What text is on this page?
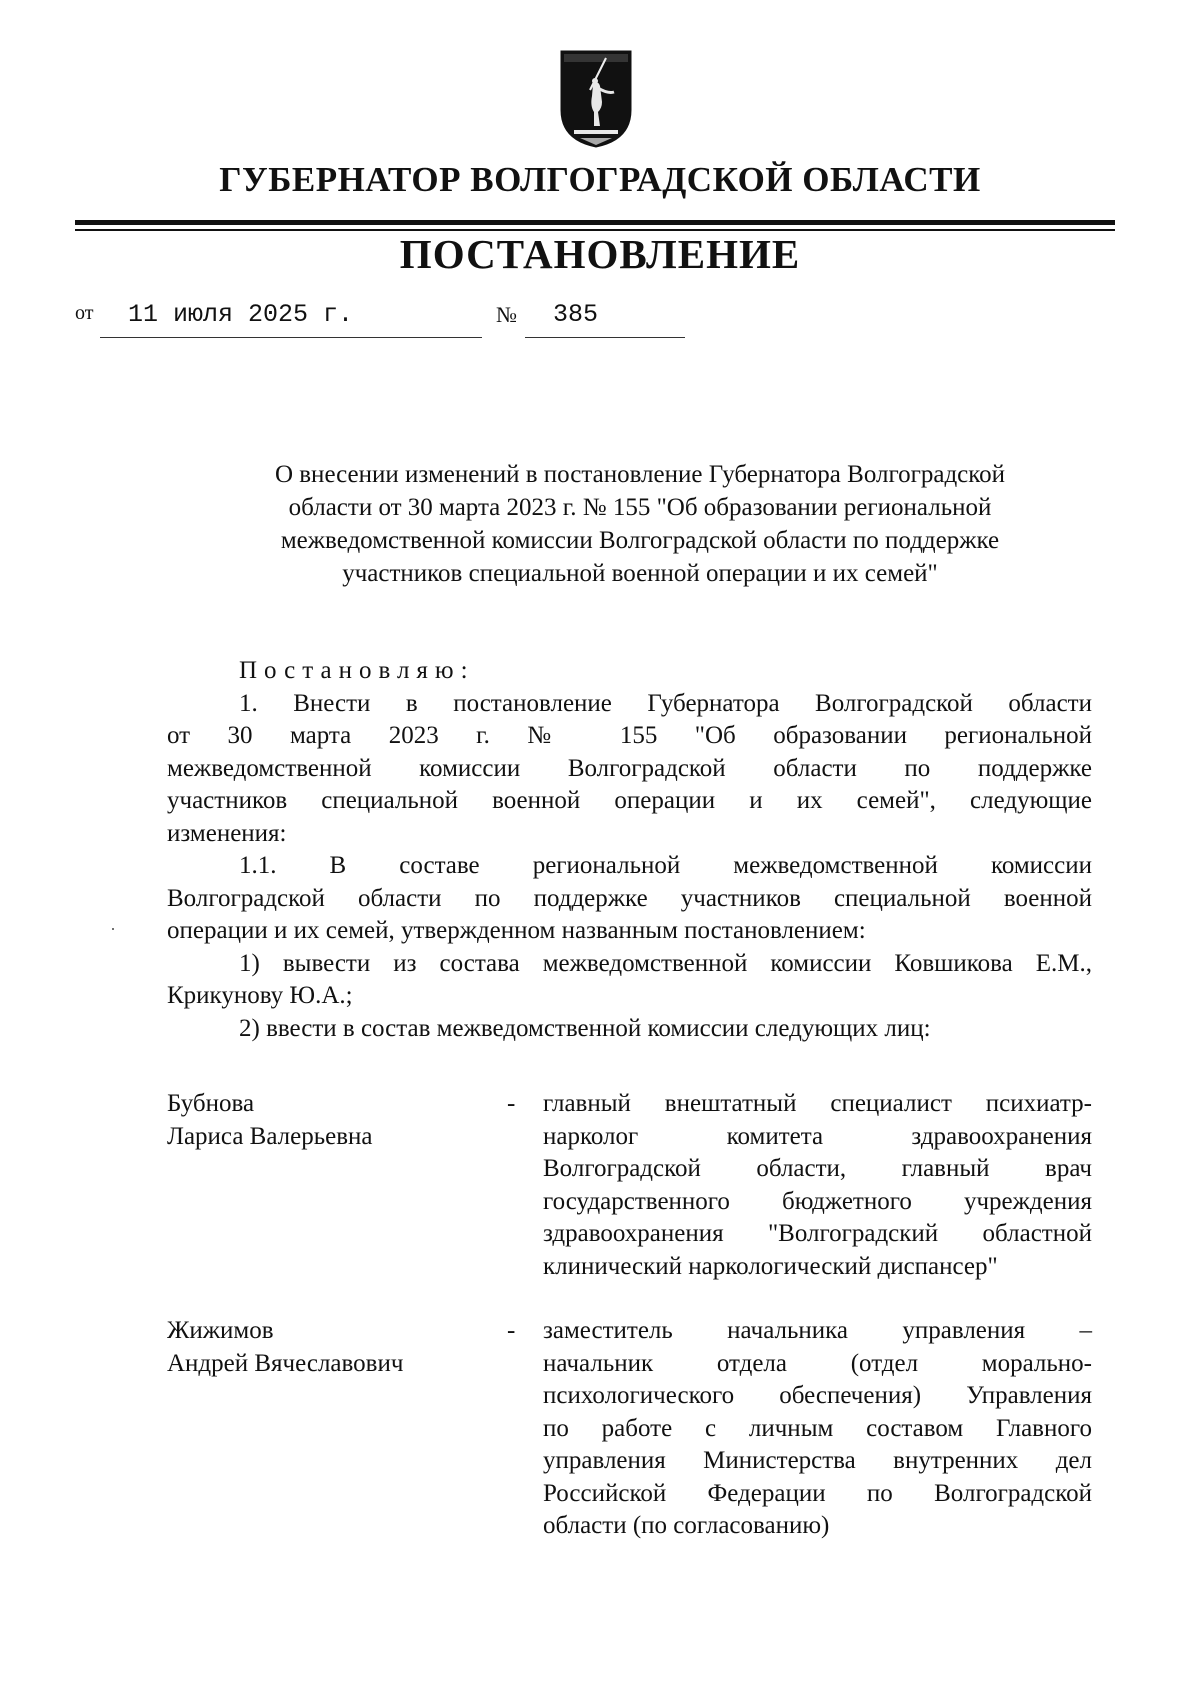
ГУБЕРНАТОР ВОЛГОГРАДСКОЙ ОБЛАСТИ
ПОСТАНОВЛЕНИЕ
от 11 июля 2025 г.	№ 385
О внесении изменений в постановление Губернатора Волгоградской
области от 30 марта 2023 г. № 155 "Об образовании региональной
межведомственной комиссии Волгоградской области по поддержке
участников специальной военной операции и их семей"
Постановляю:
1. Внести в постановление Губернатора Волгоградской области
от 30 марта 2023 г. № 155 "Об образовании региональной
межведомственной комиссии Волгоградской области по поддержке
участников специальной военной операции и их семей", следующие
изменения:
1.1. В составе региональной межведомственной комиссии
Волгоградской области по поддержке участников специальной военной
операции и их семей, утвержденном названным постановлением:
1) вывести из состава межведомственной комиссии Ковшикова Е.М.,
Крикунову Ю.А.;
2) ввести в состав межведомственной комиссии следующих лиц:
Бубнова
Лариса Валерьевна
- главный внештатный специалист психиатр-
нарколог комитета здравоохранения
Волгоградской области, главный врач
государственного бюджетного учреждения
здравоохранения "Волгоградский областной
клинический наркологический диспансер"
Жижимов
Андрей Вячеславович
- заместитель начальника управления –
начальник отдела (отдел морально-
психологического обеспечения) Управления
по работе с личным составом Главного
управления Министерства внутренних дел
Российской Федерации по Волгоградской
области (по согласованию)
